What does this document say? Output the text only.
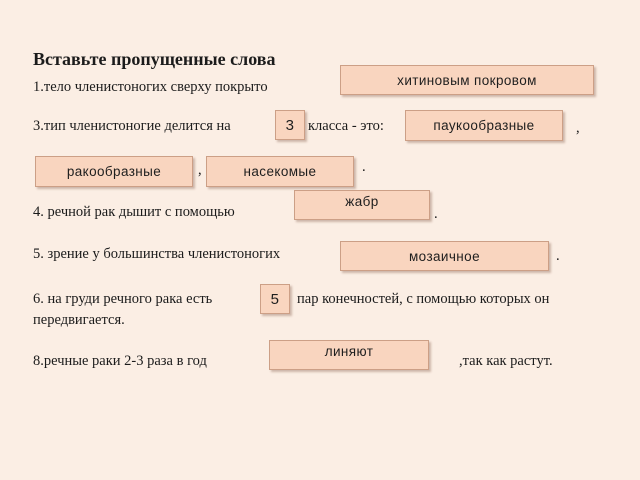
Вставьте пропущенные слова
1.тело членистоногих сверху покрыто	хитиновым покровом
3.тип членистоногие делится на	3 класса - это:	паукообразные	,
ракообразные	,	насекомые	.
4. речной рак дышит с помощью
жабр
.
5. зрение у большинства членистоногих	мозаичное	.
6. на груди речного рака есть	5	пар конечностей, с помощью которых он
передвигается.
8.речные раки 2-3 раза в год
линяют
,так как растут.
